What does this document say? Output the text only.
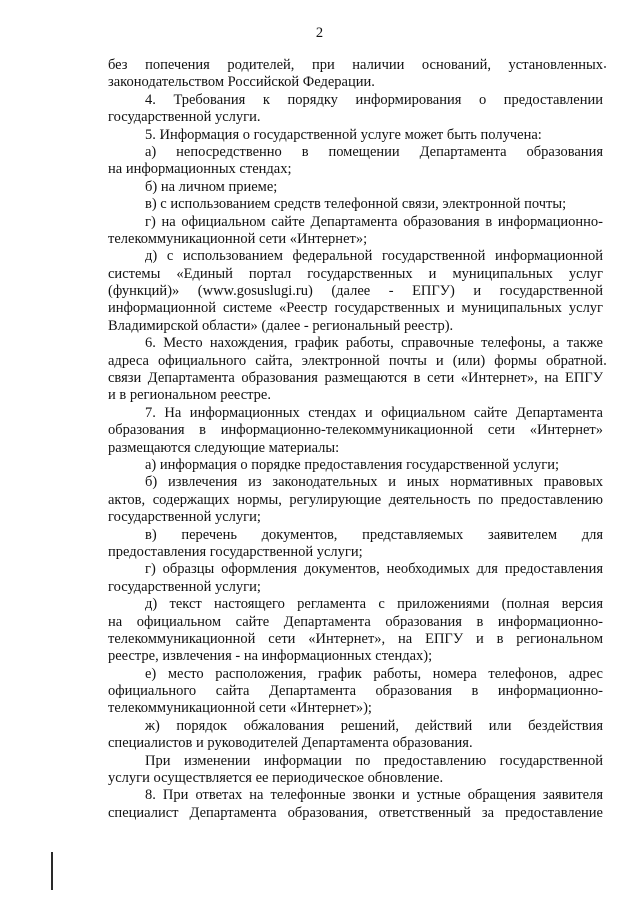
2
без попечения родителей, при наличии оснований, установленных
законодательством Российской Федерации.
4. Требования к порядку информирования о предоставлении
государственной услуги.
5. Информация о государственной услуге может быть получена:
а) непосредственно в помещении Департамента образования
на информационных стендах;
б) на личном приеме;
в) с использованием средств телефонной связи, электронной почты;
г) на официальном сайте Департамента образования в информационно-
телекоммуникационной сети «Интернет»;
д) с использованием федеральной государственной информационной
системы «Единый портал государственных и муниципальных услуг
(функций)» (www.gosuslugi.ru) (далее - ЕПГУ) и государственной
информационной системе «Реестр государственных и муниципальных услуг
Владимирской области» (далее - региональный реестр).
6. Место нахождения, график работы, справочные телефоны, а также
адреса официального сайта, электронной почты и (или) формы обратной
связи Департамента образования размещаются в сети «Интернет», на ЕПГУ
и в региональном реестре.
7. На информационных стендах и официальном сайте Департамента
образования в информационно-телекоммуникационной сети «Интернет»
размещаются следующие материалы:
а) информация о порядке предоставления государственной услуги;
б) извлечения из законодательных и иных нормативных правовых
актов, содержащих нормы, регулирующие деятельность по предоставлению
государственной услуги;
в) перечень документов, представляемых заявителем для
предоставления государственной услуги;
г) образцы оформления документов, необходимых для предоставления
государственной услуги;
д) текст настоящего регламента с приложениями (полная версия
на официальном сайте Департамента образования в информационно-
телекоммуникационной сети «Интернет», на ЕПГУ и в региональном
реестре, извлечения - на информационных стендах);
е) место расположения, график работы, номера телефонов, адрес
официального сайта Департамента образования в информационно-
телекоммуникационной сети «Интернет»);
ж) порядок обжалования решений, действий или бездействия
специалистов и руководителей Департамента образования.
При изменении информации по предоставлению государственной
услуги осуществляется ее периодическое обновление.
8. При ответах на телефонные звонки и устные обращения заявителя
специалист Департамента образования, ответственный за предоставление
